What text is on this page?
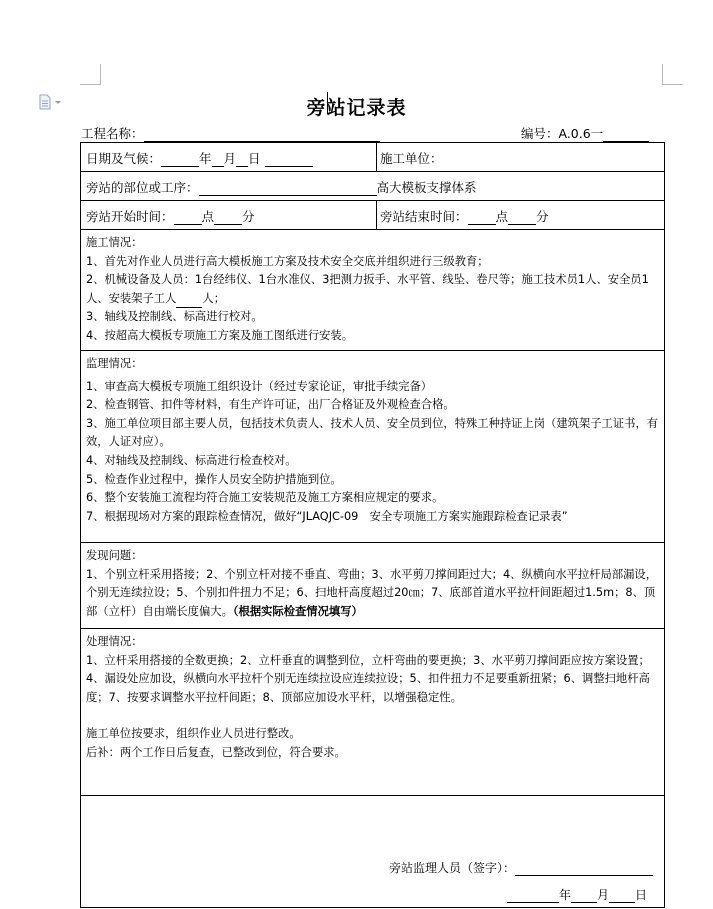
旁站记录表
工程名称：	编号：A.0.6一
日期及气候：	年 月 日	施工单位：
旁站的部位或工序：	高大模板支撑体系
旁站开始时间： 点 分	旁站结束时间： 点 分

施工情况：

1、首先对作业人员进行高大模板施工方案及技术安全交底并组织进行三级教育；

2、机械设备及人员：1台经纬仪、1台水准仪、3把测力扳手、水平管、线坠、卷尺等；施工技术员1人、安全员1人、安装架子工人 人；

3、轴线及控制线、标高进行校对。

4、按超高大模板专项施工方案及施工图纸进行安装。

监理情况：

1、审查高大模板专项施工组织设计（经过专家论证，审批手续完备）

2、检查钢管、扣件等材料，有生产许可证，出厂合格证及外观检查合格。

3、施工单位项目部主要人员，包括技术负责人、技术人员、安全员到位，特殊工种持证上岗（建筑架子工证书，有效，人证对应）。

4、对轴线及控制线、标高进行检查校对。

5、检查作业过程中，操作人员安全防护措施到位。

6、整个安装施工流程均符合施工安装规范及施工方案相应规定的要求。

7、根据现场对方案的跟踪检查情况，做好“JLAQJC-09　安全专项施工方案实施跟踪检查记录表”

发现问题：

1、个别立杆采用搭接；2、个别立杆对接不垂直、弯曲；3、水平剪刀撑间距过大；4、纵横向水平拉杆局部漏设，个别无连续拉设；5、个别扣件扭力不足；6、扫地杆高度超过20㎝；7、底部首道水平拉杆间距超过1.5m；8、顶部（立杆）自由端长度偏大。（根据实际检查情况填写）

处理情况：

1、立杆采用搭接的全数更换；2、立杆垂直的调整到位，立杆弯曲的要更换；3、水平剪刀撑间距应按方案设置；4、漏设处应加设，纵横向水平拉杆个别无连续拉设应连续拉设；5、扣件扭力不足要重新扭紧；6、调整扫地杆高度；7、按要求调整水平拉杆间距；8、顶部应加设水平杆，以增强稳定性。

施工单位按要求，组织作业人员进行整改。

后补：两个工作日后复查，已整改到位，符合要求。

旁站监理人员（签字）：
年 月 日
